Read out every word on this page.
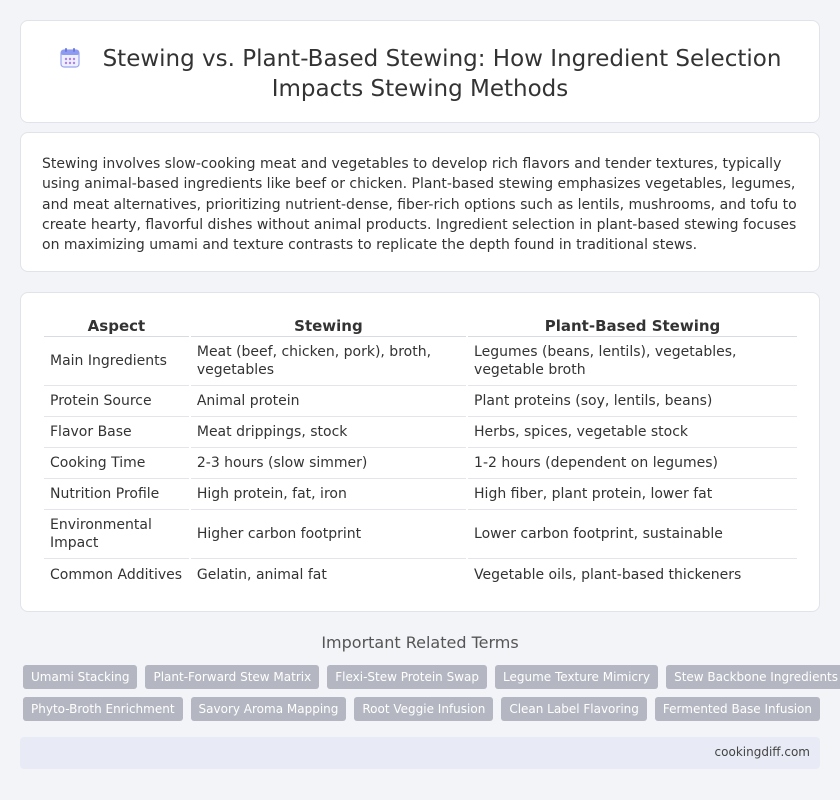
Stewing vs. Plant-Based Stewing: How Ingredient Selection
Impacts Stewing Methods

Stewing involves slow-cooking meat and vegetables to develop rich flavors and tender textures, typically using animal-based ingredients like beef or chicken. Plant-based stewing emphasizes vegetables, legumes, and meat alternatives, prioritizing nutrient-dense, fiber-rich options such as lentils, mushrooms, and tofu to create hearty, flavorful dishes without animal products. Ingredient selection in plant-based stewing focuses on maximizing umami and texture contrasts to replicate the depth found in traditional stews.

Aspect	Stewing	Plant-Based Stewing
Main Ingredients	Meat (beef, chicken, pork), broth, vegetables	Legumes (beans, lentils), vegetables, vegetable broth
Protein Source	Animal protein	Plant proteins (soy, lentils, beans)
Flavor Base	Meat drippings, stock	Herbs, spices, vegetable stock
Cooking Time	2-3 hours (slow simmer)	1-2 hours (dependent on legumes)
Nutrition Profile	High protein, fat, iron	High fiber, plant protein, lower fat
Environmental Impact	Higher carbon footprint	Lower carbon footprint, sustainable
Common Additives	Gelatin, animal fat	Vegetable oils, plant-based thickeners
Important Related Terms
Umami Stacking	Plant-Forward Stew Matrix	Flexi-Stew Protein Swap	Legume Texture Mimicry	Stew Backbone Ingredients
Phyto-Broth Enrichment	Savory Aroma Mapping	Root Veggie Infusion	Clean Label Flavoring	Fermented Base Infusion
cookingdiff.com
